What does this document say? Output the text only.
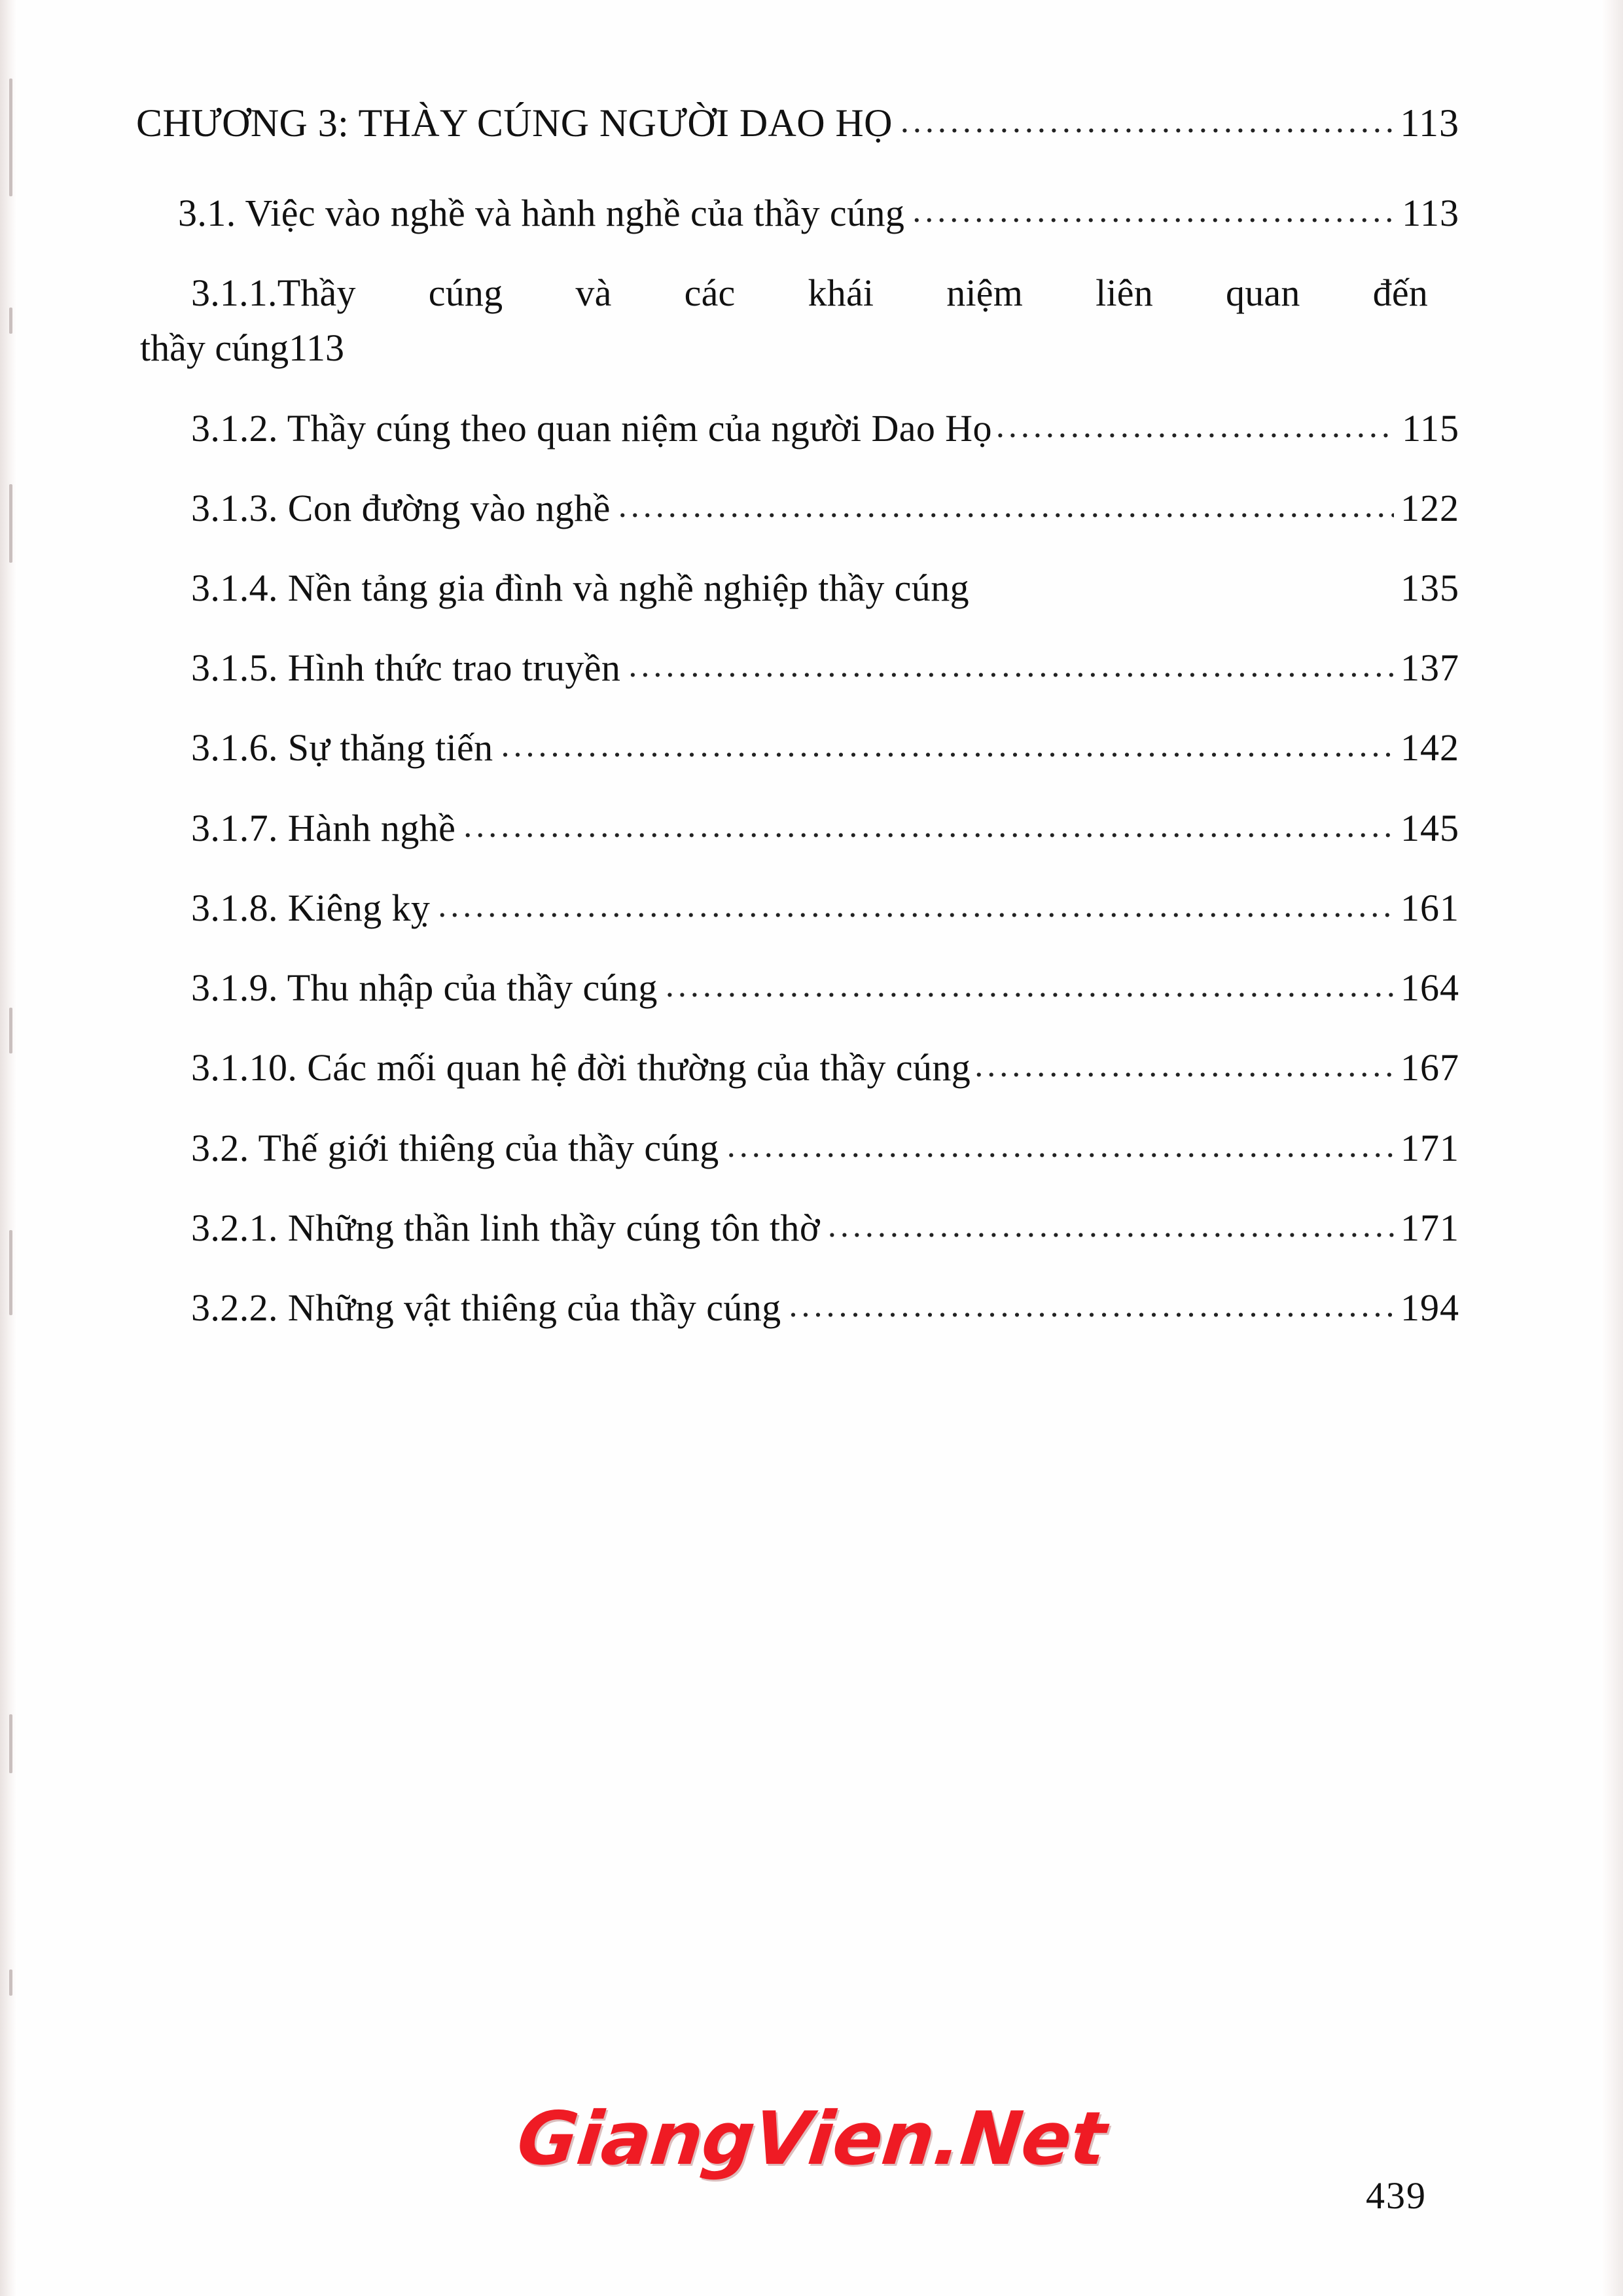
CHƯƠNG 3: THÀY CÚNG NGƯỜI DAO HỌ .....	113
3.1. Việc vào nghề và hành nghề của thầy cúng .....	113
3.1.1.Thầy cúng và các khái niệm liên quan đến
thầy cúng 113
3.1.2. Thầy cúng theo quan niệm của người Dao Họ .....	115
3.1.3. Con đường vào nghề .....	122
3.1.4. Nền tảng gia đình và nghề nghiệp thầy cúng	135
3.1.5. Hình thức trao truyền .....	137
3.1.6. Sự thăng tiến .....	142
3.1.7. Hành nghề .....	145
3.1.8. Kiêng kỵ .....	161
3.1.9. Thu nhập của thầy cúng .....	164
3.1.10. Các mối quan hệ đời thường của thầy cúng .....	167
3.2. Thế giới thiêng của thầy cúng .....	171
3.2.1. Những thần linh thầy cúng tôn thờ .....	171
3.2.2. Những vật thiêng của thầy cúng .....	194
GiangVien.Net
439
